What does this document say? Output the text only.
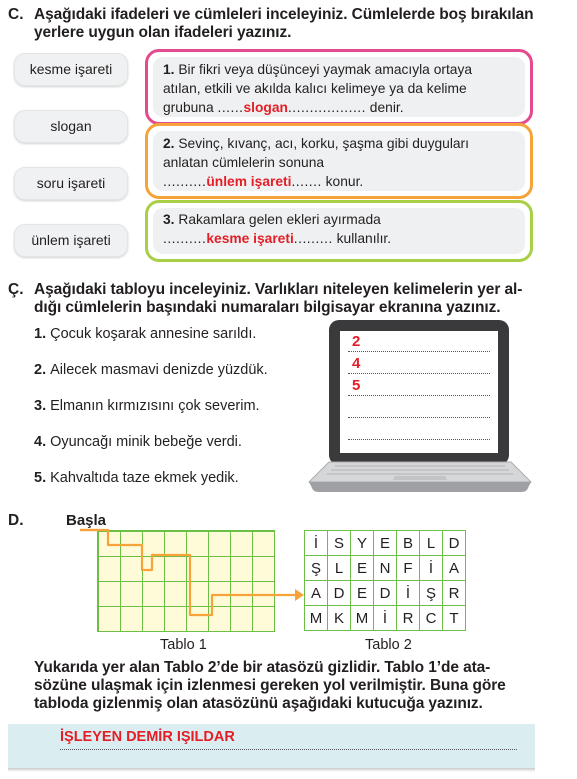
C. Aşağıdaki ifadeleri ve cümleleri inceleyiniz. Cümlelerde boş bırakılan
yerlere uygun olan ifadeleri yazınız.
kesme işareti
slogan
soru işareti
ünlem işareti
1. Bir fikri veya düşünceyi yaymak amacıyla ortaya
atılan, etkili ve akılda kalıcı kelimeye ya da kelime
grubuna ......slogan.................. denir.
2. Sevinç, kıvanç, acı, korku, şaşma gibi duyguları
anlatan cümlelerin sonuna
..........ünlem işareti....... konur.
3. Rakamlara gelen ekleri ayırmada
..........kesme işareti......... kullanılır.
Ç. Aşağıdaki tabloyu inceleyiniz. Varlıkları niteleyen kelimelerin yer al-
dığı cümlelerin başındaki numaraları bilgisayar ekranına yazınız.
1. Çocuk koşarak annesine sarıldı.
2. Ailecek masmavi denizde yüzdük.
3. Elmanın kırmızısını çok severim.
4. Oyuncağı minik bebeğe verdi.
5. Kahvaltıda taze ekmek yedik.
2
4
5
D.	Başla
İ	S	Y	E	B	L	D
Ş	L	E	N	F	İ	A
A	D	E	D	İ	Ş	R
M	K	M	İ	R	C	T
Tablo 1	Tablo 2
Yukarıda yer alan Tablo 2’de bir atasözü gizlidir. Tablo 1’de ata-
sözüne ulaşmak için izlenmesi gereken yol verilmiştir. Buna göre
tabloda gizlenmiş olan atasözünü aşağıdaki kutucuğa yazınız.
İŞLEYEN DEMİR IŞILDAR
